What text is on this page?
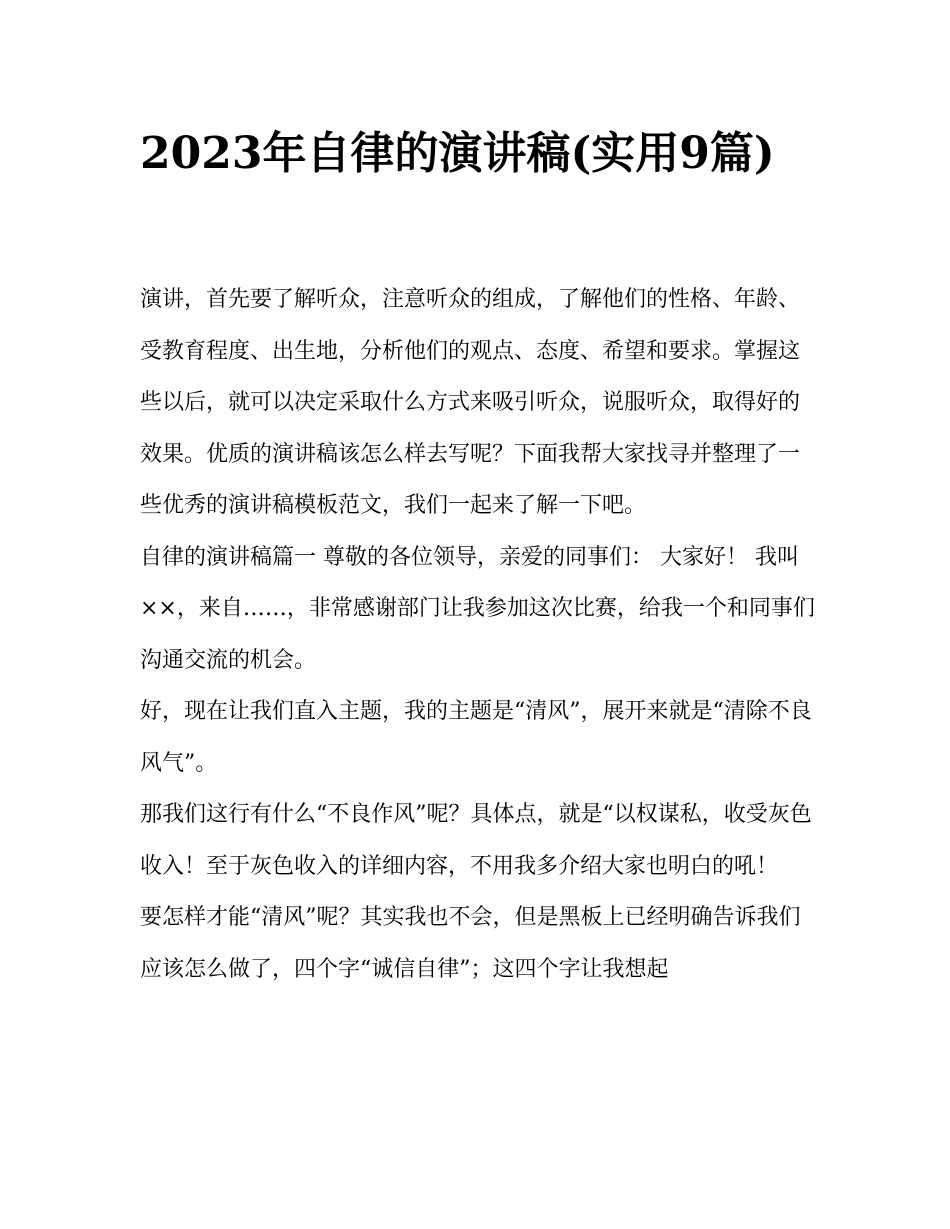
2023年自律的演讲稿(实用9篇)

演讲，首先要了解听众，注意听众的组成，了解他们的性格、年龄、受教育程度、出生地，分析他们的观点、态度、希望和要求。掌握这些以后，就可以决定采取什么方式来吸引听众，说服听众，取得好的效果。优质的演讲稿该怎么样去写呢？下面我帮大家找寻并整理了一些优秀的演讲稿模板范文，我们一起来了解一下吧。

自律的演讲稿篇一 尊敬的各位领导，亲爱的同事们： 大家好！ 我叫××，来自……，非常感谢部门让我参加这次比赛，给我一个和同事们沟通交流的机会。

好，现在让我们直入主题，我的主题是“清风”，展开来就是“清除不良风气”。

那我们这行有什么“不良作风”呢？具体点，就是“以权谋私，收受灰色收入！至于灰色收入的详细内容，不用我多介绍大家也明白的吼！

要怎样才能“清风”呢？其实我也不会，但是黑板上已经明确告诉我们应该怎么做了，四个字“诚信自律”；这四个字让我想起
